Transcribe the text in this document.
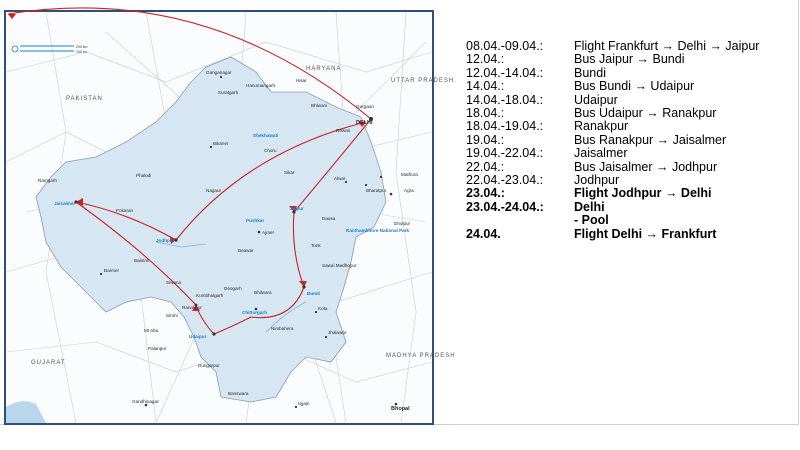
200 km
100 mi
PAKISTAN
GUJARAT
MADHYA PRADESH
UTTAR PRADESH
HARYANA
DELHI
Jaipur
Bundi
Udaipur
Jodhpur
Jaisalmer
Pushkar
Ajmer
Shekhawati
Bikaner
Barmer
Chittorgarh
Ranakpur
Mt Abu
Agra
Mathura
Bharatpur
Alwar
Kota
Bhopal
Ujjain
Gandhinagar
Ganganagar
Ranthambhore National Park
Tonk
Beawar
Nagaur
Phalodi
Pokaran
Banswara
Dholpur
Jhalawar
Palanpur
Ramgarh
Churu
Sikar
Bhilwara
Dungarpur
Sawai Madhopur
Hanumangarh
Suratgarh
Siwana
Sirohi
Dausa
Nimbahera
Deogarh
Kumbhalgarh
Balotra
Hisar
Rewari
Gurgaon
Bhiwani
08.04.-09.04.:	Flight Frankfurt → Delhi → Jaipur
12.04.:	Bus Jaipur → Bundi
12.04.-14.04.:	Bundi
14.04.:	Bus Bundi → Udaipur
14.04.-18.04.:	Udaipur
18.04.:	Bus Udaipur → Ranakpur
18.04.-19.04.:	Ranakpur
19.04.:	Bus Ranakpur → Jaisalmer
19.04.-22.04.:	Jaisalmer
22.04.:	Bus Jaisalmer → Jodhpur
22.04.-23.04.:	Jodhpur
23.04.:	Flight Jodhpur → Delhi
23.04.-24.04.:	Delhi
- Pool
24.04.	Flight Delhi → Frankfurt
